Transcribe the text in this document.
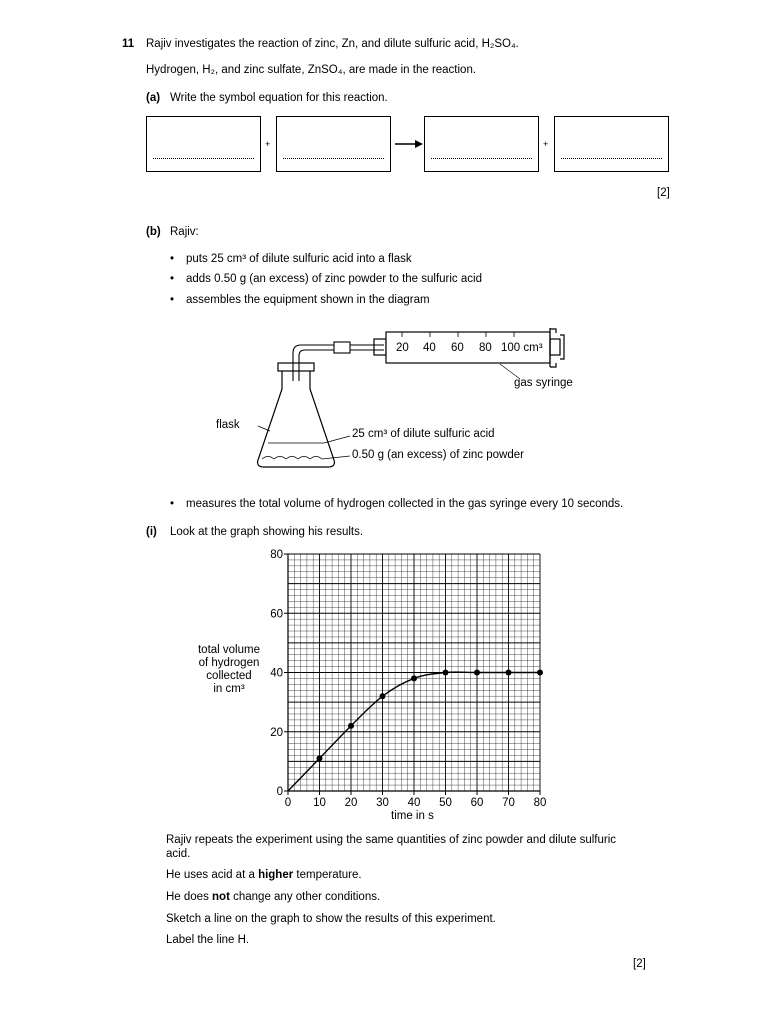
11 Rajiv investigates the reaction of zinc, Zn, and dilute sulfuric acid, H₂SO₄.
Hydrogen, H₂, and zinc sulfate, ZnSO₄, are made in the reaction.
(a) Write the symbol equation for this reaction.
+	+
[2]
(b) Rajiv:
• puts 25 cm³ of dilute sulfuric acid into a flask
• adds 0.50 g (an excess) of zinc powder to the sulfuric acid
• assembles the equipment shown in the diagram
20 40 60 80 100 cm³
gas syringe
flask
25 cm³ of dilute sulfuric acid
0.50 g (an excess) of zinc powder
• measures the total volume of hydrogen collected in the gas syringe every 10 seconds.
(i) Look at the graph showing his results.
total volume
of hydrogen
collected
in cm³
0 10 20 30 40 50 60 70 80
0
20
40
60
80
time in s
Rajiv repeats the experiment using the same quantities of zinc powder and dilute sulfuric
acid.
He uses acid at a higher temperature.
He does not change any other conditions.
Sketch a line on the graph to show the results of this experiment.
Label the line H.
[2]
